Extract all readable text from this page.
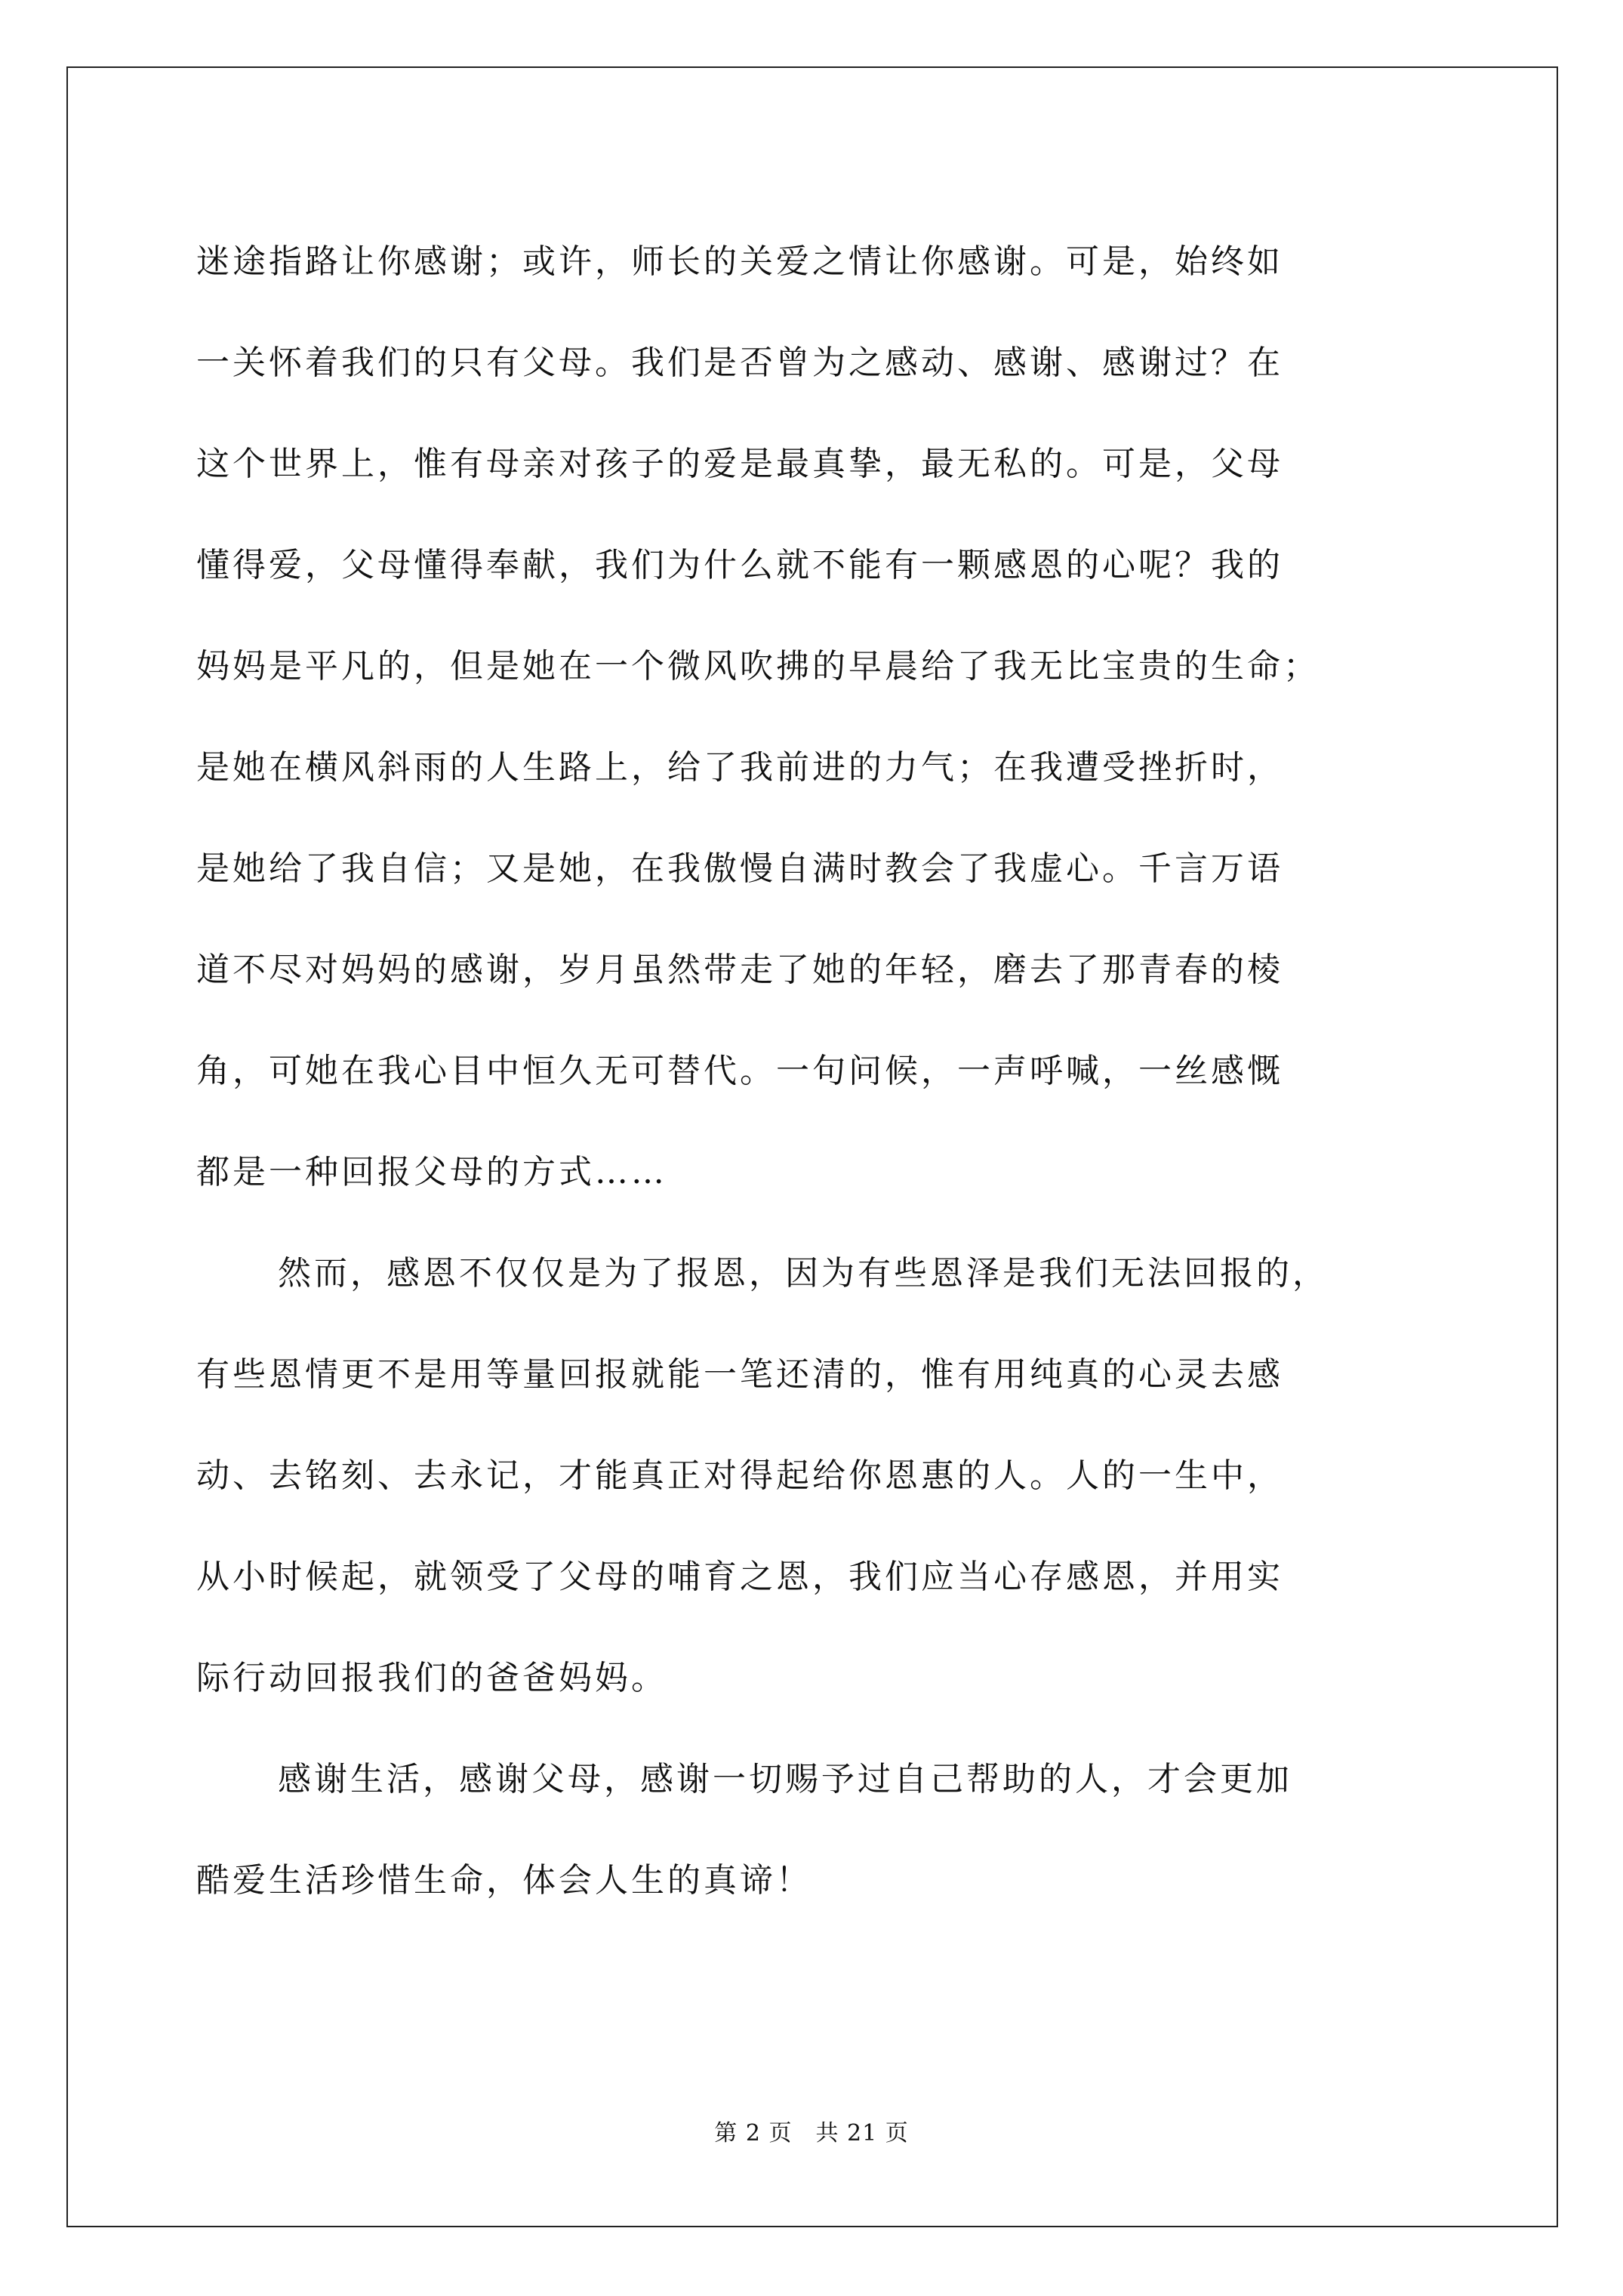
迷途指路让你感谢；或许，师长的关爱之情让你感谢。可是，始终如
一关怀着我们的只有父母。我们是否曾为之感动、感谢、感谢过？在
这个世界上，惟有母亲对孩子的爱是最真挚，最无私的。可是，父母
懂得爱，父母懂得奉献，我们为什么就不能有一颗感恩的心呢？我的
妈妈是平凡的，但是她在一个微风吹拂的早晨给了我无比宝贵的生命；
是她在横风斜雨的人生路上，给了我前进的力气；在我遭受挫折时，
是她给了我自信；又是她，在我傲慢自满时教会了我虚心。千言万语
道不尽对妈妈的感谢，岁月虽然带走了她的年轻，磨去了那青春的棱
角，可她在我心目中恒久无可替代。一句问候，一声呼喊，一丝感慨
都是一种回报父母的方式……
然而，感恩不仅仅是为了报恩，因为有些恩泽是我们无法回报的，
有些恩情更不是用等量回报就能一笔还清的，惟有用纯真的心灵去感
动、去铭刻、去永记，才能真正对得起给你恩惠的人。人的一生中，
从小时候起，就领受了父母的哺育之恩，我们应当心存感恩，并用实
际行动回报我们的爸爸妈妈。
感谢生活，感谢父母，感谢一切赐予过自己帮助的人，才会更加
酷爱生活珍惜生命，体会人生的真谛！
第 2 页　共 21 页
